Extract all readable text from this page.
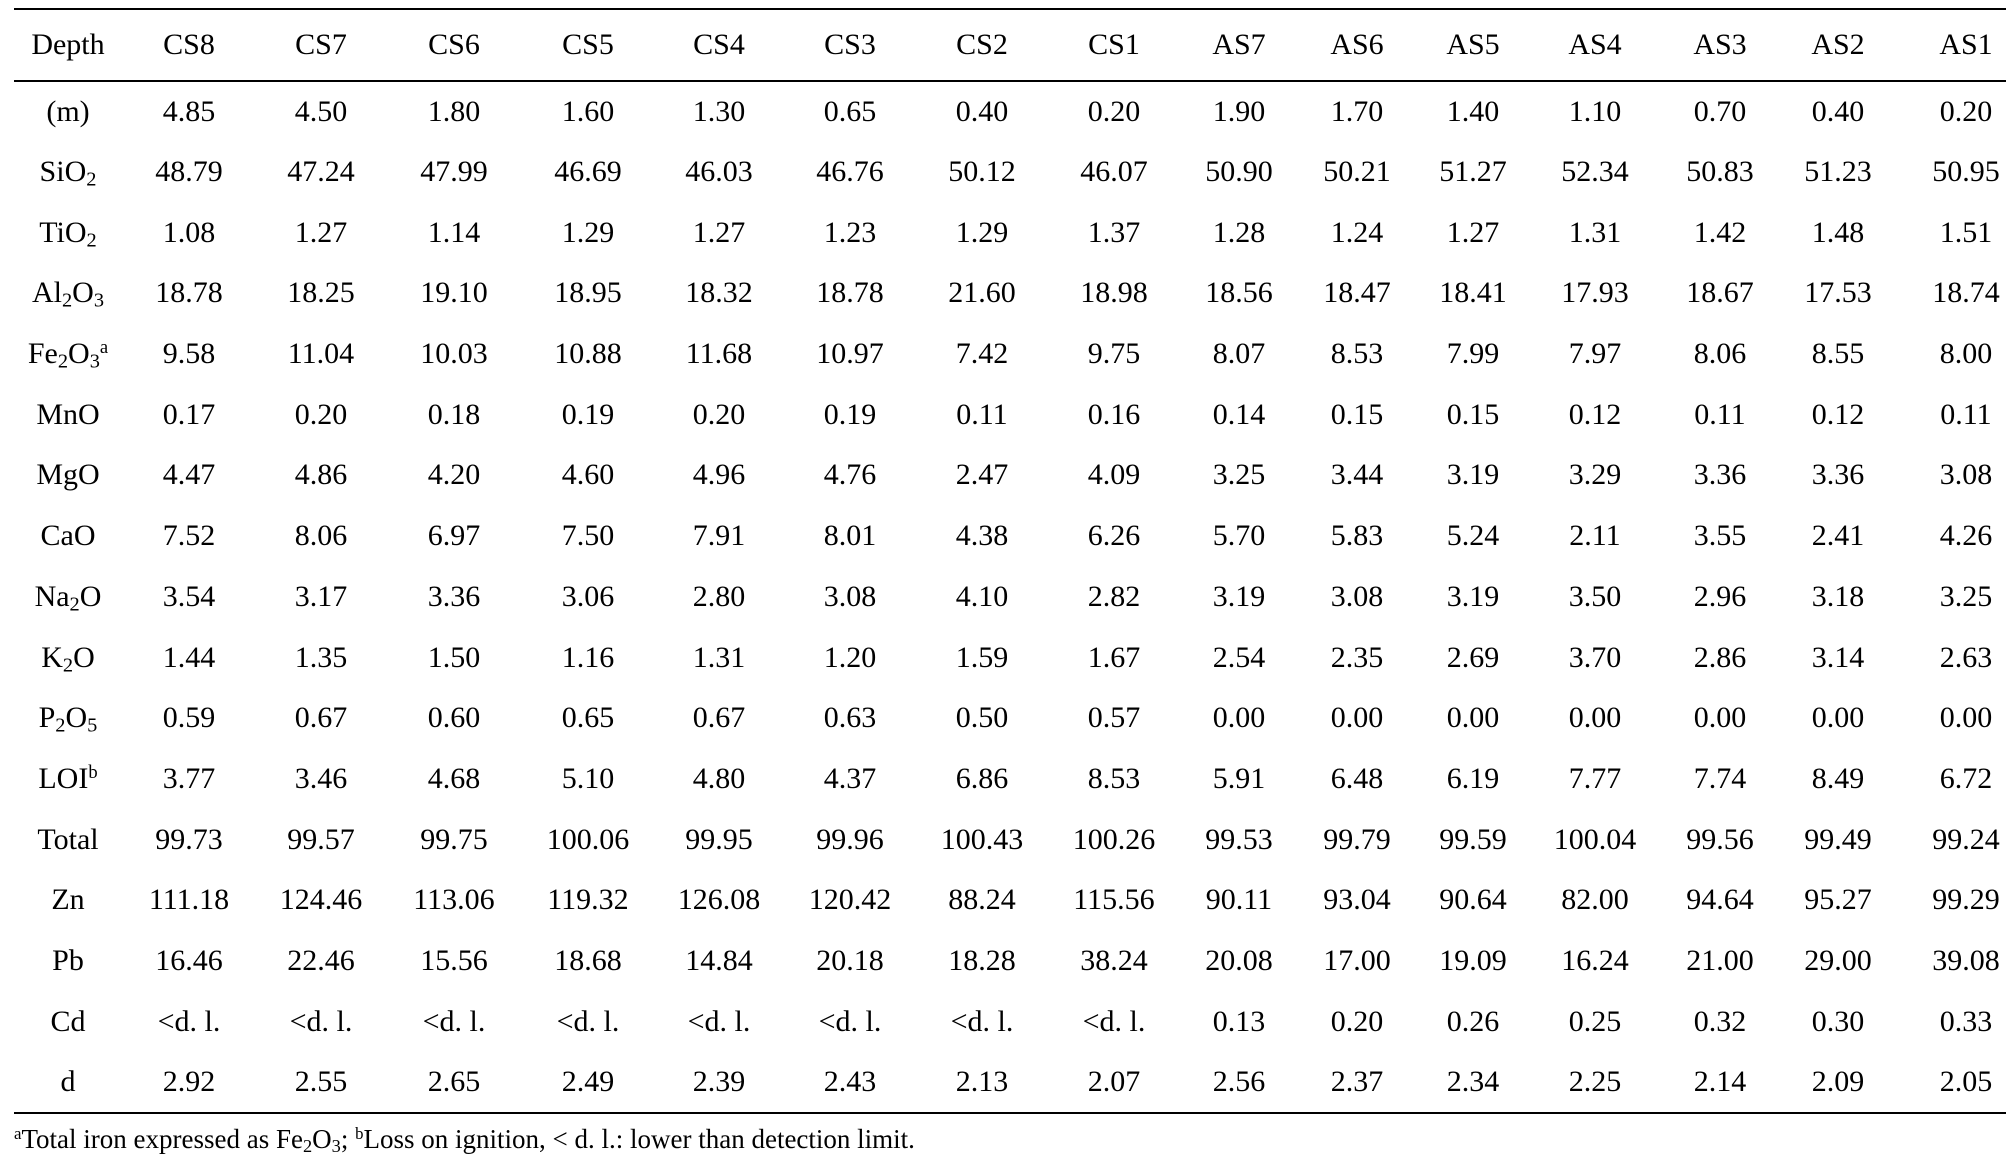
Depth	CS8	CS7	CS6	CS5	CS4	CS3	CS2	CS1	AS7	AS6	AS5	AS4	AS3	AS2	AS1
(m)	4.85	4.50	1.80	1.60	1.30	0.65	0.40	0.20	1.90	1.70	1.40	1.10	0.70	0.40	0.20
SiO$_2$	48.79	47.24	47.99	46.69	46.03	46.76	50.12	46.07	50.90	50.21	51.27	52.34	50.83	51.23	50.95
TiO$_2$	1.08	1.27	1.14	1.29	1.27	1.23	1.29	1.37	1.28	1.24	1.27	1.31	1.42	1.48	1.51
$Al_2O_3$	18.78	18.25	19.10	18.95	18.32	18.78	21.60	18.98	18.56	18.47	18.41	17.93	18.67	17.53	18.74
$Fe_2O_3^a$	9.58	11.04	10.03	10.88	11.68	10.97	7.42	9.75	8.07	8.53	7.99	7.97	8.06	8.55	8.00
MnO	0.17	0.20	0.18	0.19	0.20	0.19	0.11	0.16	0.14	0.15	0.15	0.12	0.11	0.12	0.11
MgO	4.47	4.86	4.20	4.60	4.96	4.76	2.47	4.09	3.25	3.44	3.19	3.29	3.36	3.36	3.08
CaO	7.52	8.06	6.97	7.50	7.91	8.01	4.38	6.26	5.70	5.83	5.24	2.11	3.55	2.41	4.26
$Na_2O$	3.54	3.17	3.36	3.06	2.80	3.08	4.10	2.82	3.19	3.08	3.19	3.50	2.96	3.18	3.25
$K_2O$	1.44	1.35	1.50	1.16	1.31	1.20	1.59	1.67	2.54	2.35	2.69	3.70	2.86	3.14	2.63
$P_2O_5$	0.59	0.67	0.60	0.65	0.67	0.63	0.50	0.57	0.00	0.00	0.00	0.00	0.00	0.00	0.00
LOI$^b$	3.77	3.46	4.68	5.10	4.80	4.37	6.86	8.53	5.91	6.48	6.19	7.77	7.74	8.49	6.72
Total	99.73	99.57	99.75	100.06	99.95	99.96	100.43	100.26	99.53	99.79	99.59	100.04	99.56	99.49	99.24
Zn	111.18	124.46	113.06	119.32	126.08	120.42	88.24	115.56	90.11	93.04	90.64	82.00	94.64	95.27	99.29
Pb	16.46	22.46	15.56	18.68	14.84	20.18	18.28	38.24	20.08	17.00	19.09	16.24	21.00	29.00	39.08
Cd	<d. l.	<d. l.	<d. l.	<d. l.	<d. l.	<d. l.	<d. l.	<d. l.	0.13	0.20	0.26	0.25	0.32	0.30	0.33
d	2.92	2.55	2.65	2.49	2.39	2.43	2.13	2.07	2.56	2.37	2.34	2.25	2.14	2.09	2.05
$^a$Total iron expressed as $Fe_2O_3$; $^b$Loss on ignition, < d. l.: lower than detection limit.
